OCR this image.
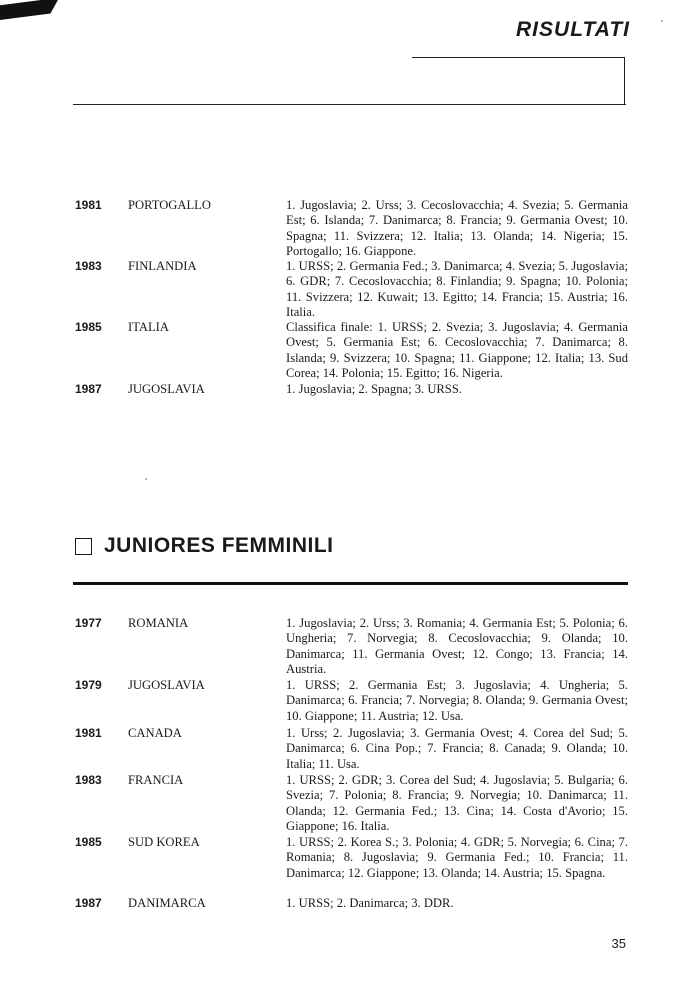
RISULTATI
1981 PORTOGALLO	1. Jugoslavia; 2. Urss; 3. Cecoslovacchia; 4. Svezia; 5. Germania Est; 6. Islanda; 7. Danimarca; 8. Francia; 9. Germania Ovest; 10. Spagna; 11. Svizzera; 12. Italia; 13. Olanda; 14. Nigeria; 15. Portogallo; 16. Giappone.
1983 FINLANDIA	1. URSS; 2. Germania Fed.; 3. Danimarca; 4. Svezia; 5. Jugoslavia; 6. GDR; 7. Cecoslovacchia; 8. Finlandia; 9. Spagna; 10. Polonia; 11. Svizzera; 12. Kuwait; 13. Egitto; 14. Francia; 15. Austria; 16. Italia.
1985 ITALIA	Classifica finale: 1. URSS; 2. Svezia; 3. Jugoslavia; 4. Germania Ovest; 5. Germania Est; 6. Cecoslovacchia; 7. Danimarca; 8. Islanda; 9. Svizzera; 10. Spagna; 11. Giappone; 12. Italia; 13. Sud Corea; 14. Polonia; 15. Egitto; 16. Nigeria.
1987 JUGOSLAVIA	1. Jugoslavia; 2. Spagna; 3. URSS.
JUNIORES FEMMINILI
1977 ROMANIA	1. Jugoslavia; 2. Urss; 3. Romania; 4. Germania Est; 5. Polonia; 6. Ungheria; 7. Norvegia; 8. Cecoslovacchia; 9. Olanda; 10. Danimarca; 11. Germania Ovest; 12. Congo; 13. Francia; 14. Austria.
1979 JUGOSLAVIA	1. URSS; 2. Germania Est; 3. Jugoslavia; 4. Ungheria; 5. Danimarca; 6. Francia; 7. Norvegia; 8. Olanda; 9. Germania Ovest; 10. Giappone; 11. Austria; 12. Usa.
1981 CANADA	1. Urss; 2. Jugoslavia; 3. Germania Ovest; 4. Corea del Sud; 5. Danimarca; 6. Cina Pop.; 7. Francia; 8. Canada; 9. Olanda; 10. Italia; 11. Usa.
1983 FRANCIA	1. URSS; 2. GDR; 3. Corea del Sud; 4. Jugoslavia; 5. Bulgaria; 6. Svezia; 7. Polonia; 8. Francia; 9. Norvegia; 10. Danimarca; 11. Olanda; 12. Germania Fed.; 13. Cina; 14. Costa d'Avorio; 15. Giappone; 16. Italia.
1985 SUD KOREA	1. URSS; 2. Korea S.; 3. Polonia; 4. GDR; 5. Norvegia; 6. Cina; 7. Romania; 8. Jugoslavia; 9. Germania Fed.; 10. Francia; 11. Danimarca; 12. Giappone; 13. Olanda; 14. Austria; 15. Spagna.
1987 DANIMARCA	1. URSS; 2. Danimarca; 3. DDR.
35
